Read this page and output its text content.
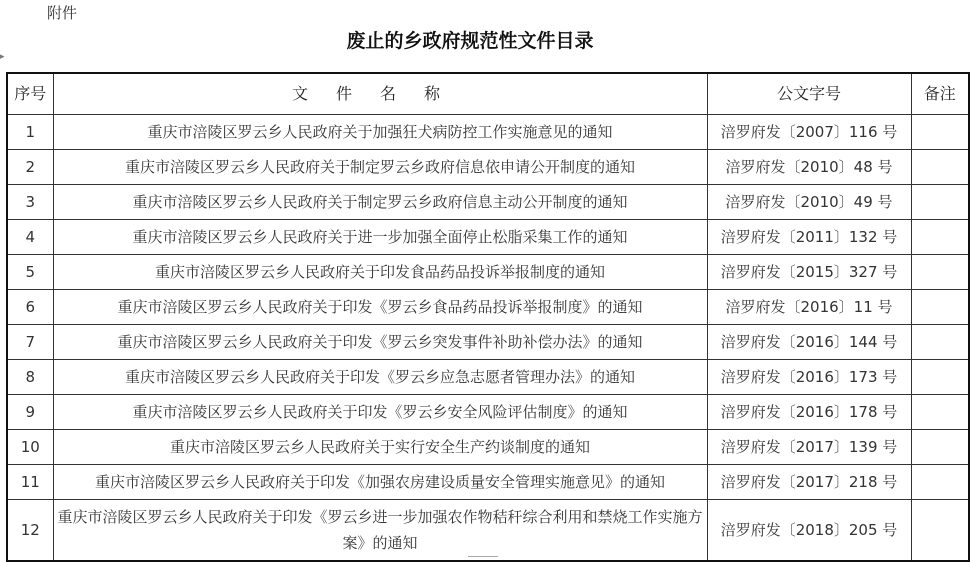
附件
废止的乡政府规范性文件目录
▸
序号	文件名称	公文字号	备注
1	重庆市涪陵区罗云乡人民政府关于加强狂犬病防控工作实施意见的通知	涪罗府发〔2007〕116 号	
2	重庆市涪陵区罗云乡人民政府关于制定罗云乡政府信息依申请公开制度的通知	涪罗府发〔2010〕48 号	
3	重庆市涪陵区罗云乡人民政府关于制定罗云乡政府信息主动公开制度的通知	涪罗府发〔2010〕49 号	
4	重庆市涪陵区罗云乡人民政府关于进一步加强全面停止松脂采集工作的通知	涪罗府发〔2011〕132 号	
5	重庆市涪陵区罗云乡人民政府关于印发食品药品投诉举报制度的通知	涪罗府发〔2015〕327 号	
6	重庆市涪陵区罗云乡人民政府关于印发《罗云乡食品药品投诉举报制度》的通知	涪罗府发〔2016〕11 号	
7	重庆市涪陵区罗云乡人民政府关于印发《罗云乡突发事件补助补偿办法》的通知	涪罗府发〔2016〕144 号	
8	重庆市涪陵区罗云乡人民政府关于印发《罗云乡应急志愿者管理办法》的通知	涪罗府发〔2016〕173 号	
9	重庆市涪陵区罗云乡人民政府关于印发《罗云乡安全风险评估制度》的通知	涪罗府发〔2016〕178 号	
10	重庆市涪陵区罗云乡人民政府关于实行安全生产约谈制度的通知	涪罗府发〔2017〕139 号	
11	重庆市涪陵区罗云乡人民政府关于印发《加强农房建设质量安全管理实施意见》的通知	涪罗府发〔2017〕218 号	
12	重庆市涪陵区罗云乡人民政府关于印发《罗云乡进一步加强农作物秸秆综合利用和禁烧工作实施方案》的通知	涪罗府发〔2018〕205 号	
